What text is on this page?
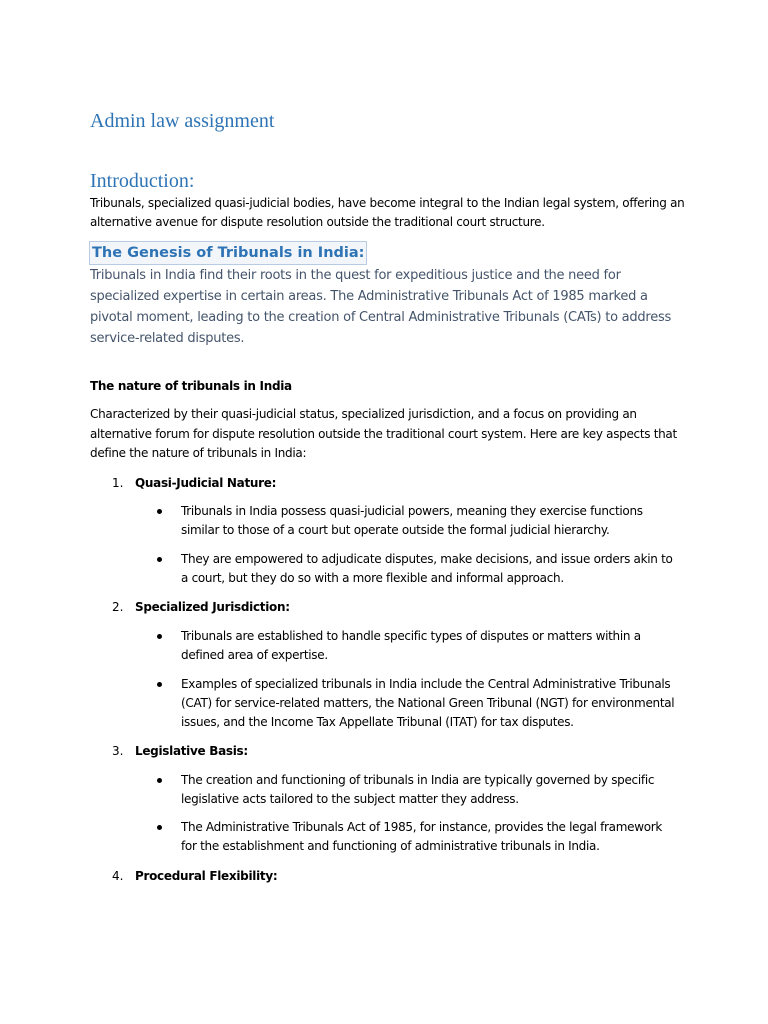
Admin law assignment
Introduction:

Tribunals, specialized quasi-judicial bodies, have become integral to the Indian legal system, offering an alternative avenue for dispute resolution outside the traditional court structure.

The Genesis of Tribunals in India:

Tribunals in India find their roots in the quest for expeditious justice and the need for specialized expertise in certain areas. The Administrative Tribunals Act of 1985 marked a pivotal moment, leading to the creation of Central Administrative Tribunals (CATs) to address service-related disputes.

The nature of tribunals in India

Characterized by their quasi-judicial status, specialized jurisdiction, and a focus on providing an alternative forum for dispute resolution outside the traditional court system. Here are key aspects that define the nature of tribunals in India:

1. Quasi-Judicial Nature:

Tribunals in India possess quasi-judicial powers, meaning they exercise functions similar to those of a court but operate outside the formal judicial hierarchy.

They are empowered to adjudicate disputes, make decisions, and issue orders akin to a court, but they do so with a more flexible and informal approach.

2. Specialized Jurisdiction:

Tribunals are established to handle specific types of disputes or matters within a defined area of expertise.

Examples of specialized tribunals in India include the Central Administrative Tribunals (CAT) for service-related matters, the National Green Tribunal (NGT) for environmental issues, and the Income Tax Appellate Tribunal (ITAT) for tax disputes.

3. Legislative Basis:

The creation and functioning of tribunals in India are typically governed by specific legislative acts tailored to the subject matter they address.

The Administrative Tribunals Act of 1985, for instance, provides the legal framework for the establishment and functioning of administrative tribunals in India.

4. Procedural Flexibility:
